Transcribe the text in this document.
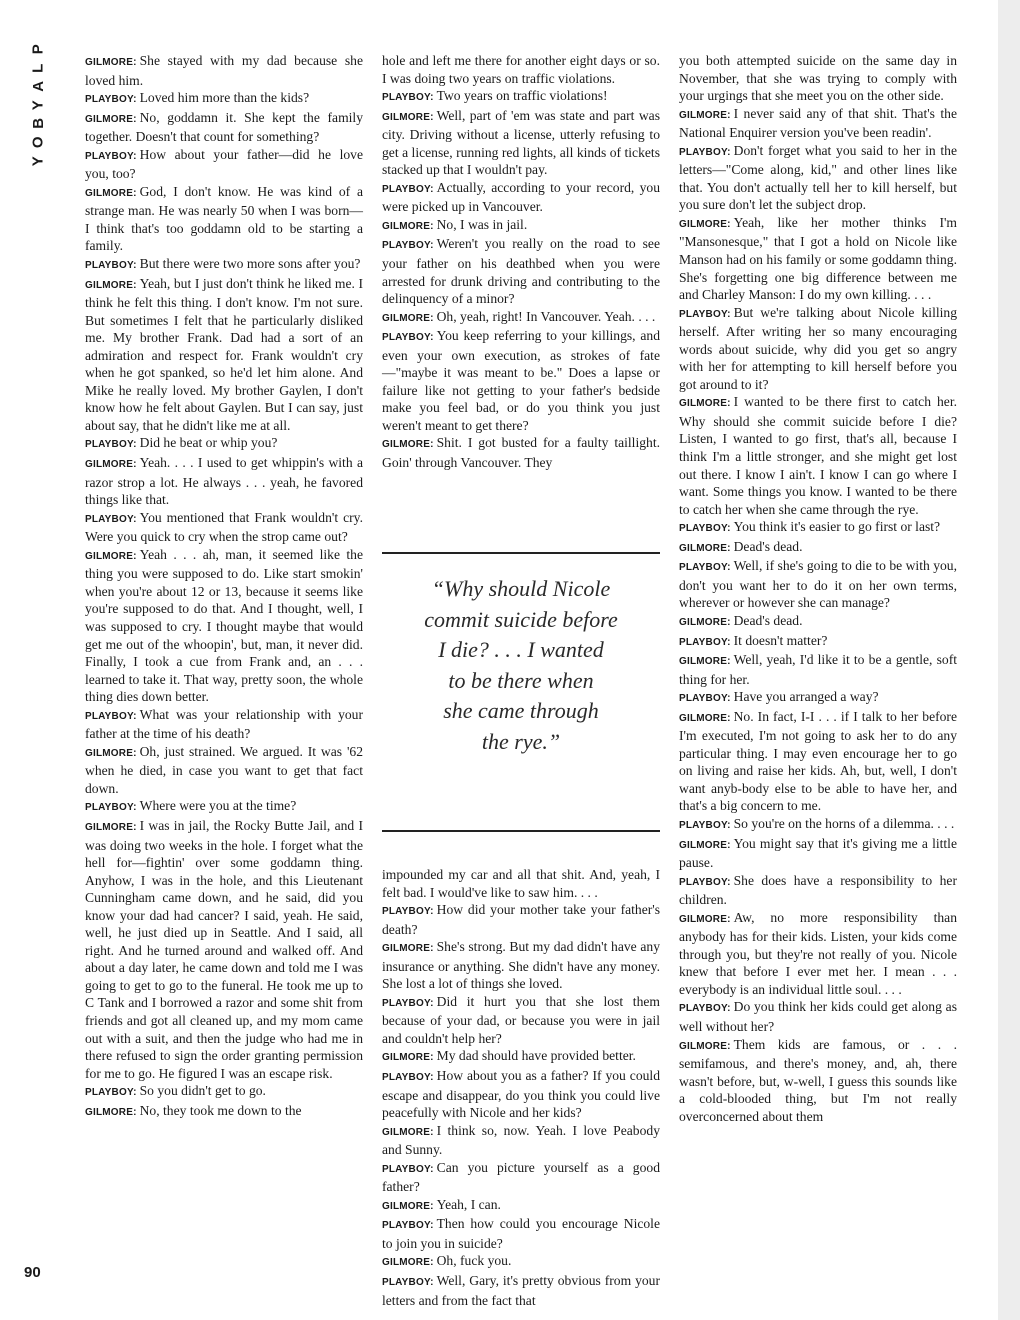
P
L
A
Y
B
O
Y
90

GILMORE: She stayed with my dad because she loved him.

PLAYBOY: Loved him more than the kids?

GILMORE: No, goddamn it. She kept the family together. Doesn't that count for something?

PLAYBOY: How about your father—did he love you, too?

GILMORE: God, I don't know. He was kind of a strange man. He was nearly 50 when I was born—I think that's too goddamn old to be starting a family.

PLAYBOY: But there were two more sons after you?

GILMORE: Yeah, but I just don't think he liked me. I think he felt this thing. I don't know. I'm not sure. But sometimes I felt that he particularly disliked me. My brother Frank. Dad had a sort of an admiration and respect for. Frank wouldn't cry when he got spanked, so he'd let him alone. And Mike he really loved. My brother Gaylen, I don't know how he felt about Gaylen. But I can say, just about say, that he didn't like me at all.

PLAYBOY: Did he beat or whip you?

GILMORE: Yeah. . . . I used to get whippin's with a razor strop a lot. He always . . . yeah, he favored things like that.

PLAYBOY: You mentioned that Frank wouldn't cry. Were you quick to cry when the strop came out?

GILMORE: Yeah . . . ah, man, it seemed like the thing you were supposed to do. Like start smokin' when you're about 12 or 13, because it seems like you're supposed to do that. And I thought, well, I was supposed to cry. I thought maybe that would get me out of the whoopin', but, man, it never did. Finally, I took a cue from Frank and, an . . . learned to take it. That way, pretty soon, the whole thing dies down better.

PLAYBOY: What was your relationship with your father at the time of his death?

GILMORE: Oh, just strained. We argued. It was '62 when he died, in case you want to get that fact down.

PLAYBOY: Where were you at the time?

GILMORE: I was in jail, the Rocky Butte Jail, and I was doing two weeks in the hole. I forget what the hell for—fightin' over some goddamn thing. Anyhow, I was in the hole, and this Lieutenant Cunningham came down, and he said, did you know your dad had cancer? I said, yeah. He said, well, he just died up in Seattle. And I said, all right. And he turned around and walked off. And about a day later, he came down and told me I was going to get to go to the funeral. He took me up to C Tank and I borrowed a razor and some shit from friends and got all cleaned up, and my mom came out with a suit, and then the judge who had me in there refused to sign the order granting permission for me to go. He figured I was an escape risk.

PLAYBOY: So you didn't get to go.

GILMORE: No, they took me down to the

hole and left me there for another eight days or so. I was doing two years on traffic violations.

PLAYBOY: Two years on traffic violations!

GILMORE: Well, part of 'em was state and part was city. Driving without a license, utterly refusing to get a license, running red lights, all kinds of tickets stacked up that I wouldn't pay.

PLAYBOY: Actually, according to your record, you were picked up in Vancouver.

GILMORE: No, I was in jail.

PLAYBOY: Weren't you really on the road to see your father on his deathbed when you were arrested for drunk driving and contributing to the delinquency of a minor?

GILMORE: Oh, yeah, right! In Vancouver. Yeah. . . .

PLAYBOY: You keep referring to your killings, and even your own execution, as strokes of fate—"maybe it was meant to be." Does a lapse or failure like not getting to your father's bedside make you feel bad, or do you think you just weren't meant to get there?

GILMORE: Shit. I got busted for a faulty taillight. Goin' through Vancouver. They

“Why should Nicole
commit suicide before
I die? . . . I wanted
to be there when
she came through
the rye.”

impounded my car and all that shit. And, yeah, I felt bad. I would've like to saw him. . . .

PLAYBOY: How did your mother take your father's death?

GILMORE: She's strong. But my dad didn't have any insurance or anything. She didn't have any money. She lost a lot of things she loved.

PLAYBOY: Did it hurt you that she lost them because of your dad, or because you were in jail and couldn't help her?

GILMORE: My dad should have provided better.

PLAYBOY: How about you as a father? If you could escape and disappear, do you think you could live peacefully with Nicole and her kids?

GILMORE: I think so, now. Yeah. I love Peabody and Sunny.

PLAYBOY: Can you picture yourself as a good father?

GILMORE: Yeah, I can.

PLAYBOY: Then how could you encourage Nicole to join you in suicide?

GILMORE: Oh, fuck you.

PLAYBOY: Well, Gary, it's pretty obvious from your letters and from the fact that

you both attempted suicide on the same day in November, that she was trying to comply with your urgings that she meet you on the other side.

GILMORE: I never said any of that shit. That's the National Enquirer version you've been readin'.

PLAYBOY: Don't forget what you said to her in the letters—"Come along, kid," and other lines like that. You don't actually tell her to kill herself, but you sure don't let the subject drop.

GILMORE: Yeah, like her mother thinks I'm "Mansonesque," that I got a hold on Nicole like Manson had on his family or some goddamn thing. She's forgetting one big difference between me and Charley Manson: I do my own killing. . . .

PLAYBOY: But we're talking about Nicole killing herself. After writing her so many encouraging words about suicide, why did you get so angry with her for attempting to kill herself before you got around to it?

GILMORE: I wanted to be there first to catch her. Why should she commit suicide before I die? Listen, I wanted to go first, that's all, because I think I'm a little stronger, and she might get lost out there. I know I ain't. I know I can go where I want. Some things you know. I wanted to be there to catch her when she came through the rye.

PLAYBOY: You think it's easier to go first or last?

GILMORE: Dead's dead.

PLAYBOY: Well, if she's going to die to be with you, don't you want her to do it on her own terms, wherever or however she can manage?

GILMORE: Dead's dead.

PLAYBOY: It doesn't matter?

GILMORE: Well, yeah, I'd like it to be a gentle, soft thing for her.

PLAYBOY: Have you arranged a way?

GILMORE: No. In fact, I-I . . . if I talk to her before I'm executed, I'm not going to ask her to do any particular thing. I may even encourage her to go on living and raise her kids. Ah, but, well, I don't want anyb-body else to be able to have her, and that's a big concern to me.

PLAYBOY: So you're on the horns of a dilemma. . . .

GILMORE: You might say that it's giving me a little pause.

PLAYBOY: She does have a responsibility to her children.

GILMORE: Aw, no more responsibility than anybody has for their kids. Listen, your kids come through you, but they're not really of you. Nicole knew that before I ever met her. I mean . . . everybody is an individual little soul. . . .

PLAYBOY: Do you think her kids could get along as well without her?

GILMORE: Them kids are famous, or . . . semifamous, and there's money, and, ah, there wasn't before, but, w-well, I guess this sounds like a cold-blooded thing, but I'm not really overconcerned about them
